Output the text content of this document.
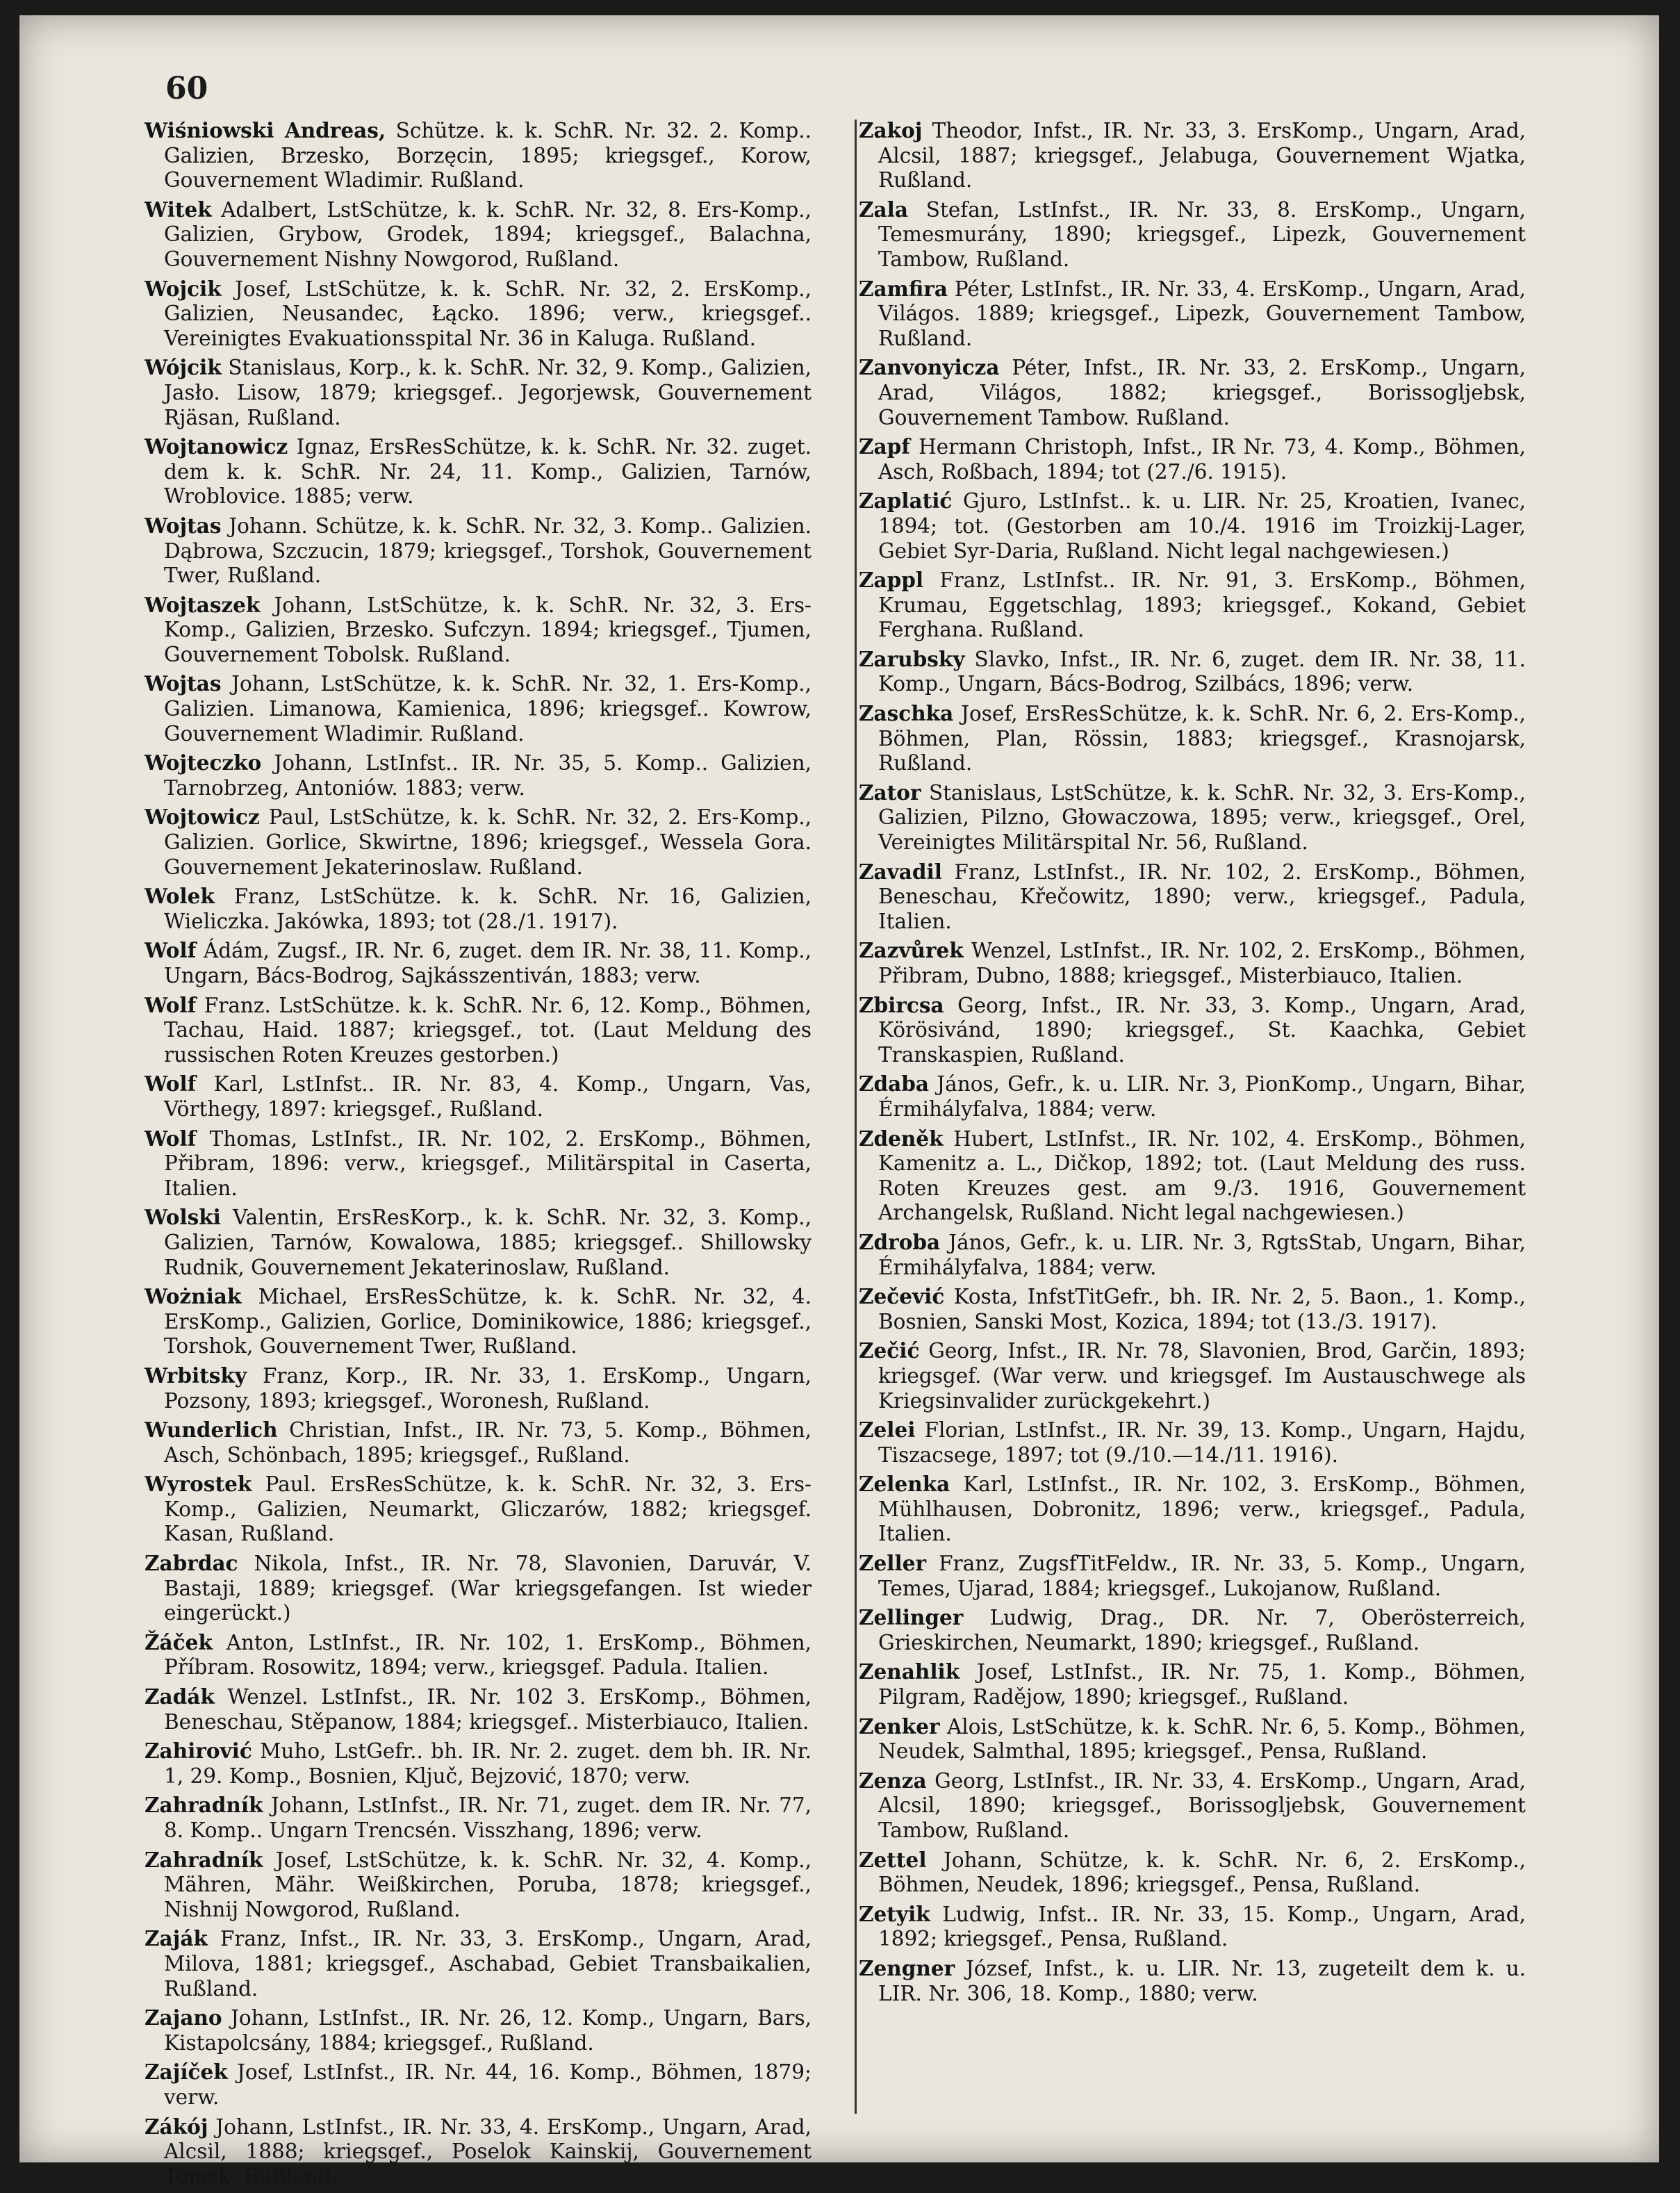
60

Wiśniowski Andreas, Schütze. k. k. SchR. Nr. 32. 2. Komp.. Galizien, Brzesko, Borzęcin, 1895; kriegsgef., Korow, Gouvernement Wladimir. Rußland.

Witek Adalbert, LstSchütze, k. k. SchR. Nr. 32, 8. Ers-Komp., Galizien, Grybow, Grodek, 1894; kriegsgef., Balachna, Gouvernement Nishny Nowgorod, Rußland.

Wojcik Josef, LstSchütze, k. k. SchR. Nr. 32, 2. ErsKomp., Galizien, Neusandec, Łącko. 1896; verw., kriegsgef.. Vereinigtes Evakuationsspital Nr. 36 in Kaluga. Rußland.

Wójcik Stanislaus, Korp., k. k. SchR. Nr. 32, 9. Komp., Galizien, Jasło. Lisow, 1879; kriegsgef.. Jegorjewsk, Gouvernement Rjäsan, Rußland.

Wojtanowicz Ignaz, ErsResSchütze, k. k. SchR. Nr. 32. zuget. dem k. k. SchR. Nr. 24, 11. Komp., Galizien, Tarnów, Wroblovice. 1885; verw.

Wojtas Johann. Schütze, k. k. SchR. Nr. 32, 3. Komp.. Galizien. Dąbrowa, Szczucin, 1879; kriegsgef., Torshok, Gouvernement Twer, Rußland.

Wojtaszek Johann, LstSchütze, k. k. SchR. Nr. 32, 3. Ers-Komp., Galizien, Brzesko. Sufczyn. 1894; kriegsgef., Tjumen, Gouvernement Tobolsk. Rußland.

Wojtas Johann, LstSchütze, k. k. SchR. Nr. 32, 1. Ers-Komp., Galizien. Limanowa, Kamienica, 1896; kriegsgef.. Kowrow, Gouvernement Wladimir. Rußland.

Wojteczko Johann, LstInfst.. IR. Nr. 35, 5. Komp.. Galizien, Tarnobrzeg, Antoniów. 1883; verw.

Wojtowicz Paul, LstSchütze, k. k. SchR. Nr. 32, 2. Ers-Komp., Galizien. Gorlice, Skwirtne, 1896; kriegsgef., Wessela Gora. Gouvernement Jekaterinoslaw. Rußland.

Wolek Franz, LstSchütze. k. k. SchR. Nr. 16, Galizien, Wieliczka. Jakówka, 1893; tot (28./1. 1917).

Wolf Ádám, Zugsf., IR. Nr. 6, zuget. dem IR. Nr. 38, 11. Komp., Ungarn, Bács-Bodrog, Sajkásszentiván, 1883; verw.

Wolf Franz. LstSchütze. k. k. SchR. Nr. 6, 12. Komp., Böhmen, Tachau, Haid. 1887; kriegsgef., tot. (Laut Meldung des russischen Roten Kreuzes gestorben.)

Wolf Karl, LstInfst.. IR. Nr. 83, 4. Komp., Ungarn, Vas, Vörthegy, 1897: kriegsgef., Rußland.

Wolf Thomas, LstInfst., IR. Nr. 102, 2. ErsKomp., Böhmen, Přibram, 1896: verw., kriegsgef., Militärspital in Caserta, Italien.

Wolski Valentin, ErsResKorp., k. k. SchR. Nr. 32, 3. Komp., Galizien, Tarnów, Kowalowa, 1885; kriegsgef.. Shillowsky Rudnik, Gouvernement Jekaterinoslaw, Rußland.

Wożniak Michael, ErsResSchütze, k. k. SchR. Nr. 32, 4. ErsKomp., Galizien, Gorlice, Dominikowice, 1886; kriegsgef., Torshok, Gouvernement Twer, Rußland.

Wrbitsky Franz, Korp., IR. Nr. 33, 1. ErsKomp., Ungarn, Pozsony, 1893; kriegsgef., Woronesh, Rußland.

Wunderlich Christian, Infst., IR. Nr. 73, 5. Komp., Böhmen, Asch, Schönbach, 1895; kriegsgef., Rußland.

Wyrostek Paul. ErsResSchütze, k. k. SchR. Nr. 32, 3. Ers-Komp., Galizien, Neumarkt, Gliczarów, 1882; kriegsgef. Kasan, Rußland.

Zabrdac Nikola, Infst., IR. Nr. 78, Slavonien, Daruvár, V. Bastaji, 1889; kriegsgef. (War kriegsgefangen. Ist wieder eingerückt.)

Žáček Anton, LstInfst., IR. Nr. 102, 1. ErsKomp., Böhmen, Příbram. Rosowitz, 1894; verw., kriegsgef. Padula. Italien.

Zadák Wenzel. LstInfst., IR. Nr. 102 3. ErsKomp., Böhmen, Beneschau, Stěpanow, 1884; kriegsgef.. Misterbiauco, Italien.

Zahirović Muho, LstGefr.. bh. IR. Nr. 2. zuget. dem bh. IR. Nr. 1, 29. Komp., Bosnien, Ključ, Bejzović, 1870; verw.

Zahradník Johann, LstInfst., IR. Nr. 71, zuget. dem IR. Nr. 77, 8. Komp.. Ungarn Trencsén. Visszhang, 1896; verw.

Zahradník Josef, LstSchütze, k. k. SchR. Nr. 32, 4. Komp., Mähren, Mähr. Weißkirchen, Poruba, 1878; kriegsgef., Nishnij Nowgorod, Rußland.

Zaják Franz, Infst., IR. Nr. 33, 3. ErsKomp., Ungarn, Arad, Milova, 1881; kriegsgef., Aschabad, Gebiet Transbaikalien, Rußland.

Zajano Johann, LstInfst., IR. Nr. 26, 12. Komp., Ungarn, Bars, Kistapolcsány, 1884; kriegsgef., Rußland.

Zajíček Josef, LstInfst., IR. Nr. 44, 16. Komp., Böhmen, 1879; verw.

Zákój Johann, LstInfst., IR. Nr. 33, 4. ErsKomp., Ungarn, Arad, Alcsil, 1888; kriegsgef., Poselok Kainskij, Gouvernement Tomsk, Rußland.

Zakoj Theodor, Infst., IR. Nr. 33, 3. ErsKomp., Ungarn, Arad, Alcsil, 1887; kriegsgef., Jelabuga, Gouvernement Wjatka, Rußland.

Zala Stefan, LstInfst., IR. Nr. 33, 8. ErsKomp., Ungarn, Temesmurány, 1890; kriegsgef., Lipezk, Gouvernement Tambow, Rußland.

Zamfira Péter, LstInfst., IR. Nr. 33, 4. ErsKomp., Ungarn, Arad, Világos. 1889; kriegsgef., Lipezk, Gouvernement Tambow, Rußland.

Zanvonyicza Péter, Infst., IR. Nr. 33, 2. ErsKomp., Ungarn, Arad, Világos, 1882; kriegsgef., Borissogljebsk, Gouvernement Tambow. Rußland.

Zapf Hermann Christoph, Infst., IR Nr. 73, 4. Komp., Böhmen, Asch, Roßbach, 1894; tot (27./6. 1915).

Zaplatić Gjuro, LstInfst.. k. u. LIR. Nr. 25, Kroatien, Ivanec, 1894; tot. (Gestorben am 10./4. 1916 im Troizkij-Lager, Gebiet Syr-Daria, Rußland. Nicht legal nachgewiesen.)

Zappl Franz, LstInfst.. IR. Nr. 91, 3. ErsKomp., Böhmen, Krumau, Eggetschlag, 1893; kriegsgef., Kokand, Gebiet Ferghana. Rußland.

Zarubsky Slavko, Infst., IR. Nr. 6, zuget. dem IR. Nr. 38, 11. Komp., Ungarn, Bács-Bodrog, Szilbács, 1896; verw.

Zaschka Josef, ErsResSchütze, k. k. SchR. Nr. 6, 2. Ers-Komp., Böhmen, Plan, Rössin, 1883; kriegsgef., Krasnojarsk, Rußland.

Zator Stanislaus, LstSchütze, k. k. SchR. Nr. 32, 3. Ers-Komp., Galizien, Pilzno, Głowaczowa, 1895; verw., kriegsgef., Orel, Vereinigtes Militärspital Nr. 56, Rußland.

Zavadil Franz, LstInfst., IR. Nr. 102, 2. ErsKomp., Böhmen, Beneschau, Křečowitz, 1890; verw., kriegsgef., Padula, Italien.

Zazvůrek Wenzel, LstInfst., IR. Nr. 102, 2. ErsKomp., Böhmen, Přibram, Dubno, 1888; kriegsgef., Misterbiauco, Italien.

Zbircsa Georg, Infst., IR. Nr. 33, 3. Komp., Ungarn, Arad, Körösivánd, 1890; kriegsgef., St. Kaachka, Gebiet Transkaspien, Rußland.

Zdaba János, Gefr., k. u. LIR. Nr. 3, PionKomp., Ungarn, Bihar, Érmihályfalva, 1884; verw.

Zdeněk Hubert, LstInfst., IR. Nr. 102, 4. ErsKomp., Böhmen, Kamenitz a. L., Dičkop, 1892; tot. (Laut Meldung des russ. Roten Kreuzes gest. am 9./3. 1916, Gouvernement Archangelsk, Rußland. Nicht legal nachgewiesen.)

Zdroba János, Gefr., k. u. LIR. Nr. 3, RgtsStab, Ungarn, Bihar, Érmihályfalva, 1884; verw.

Zečević Kosta, InfstTitGefr., bh. IR. Nr. 2, 5. Baon., 1. Komp., Bosnien, Sanski Most, Kozica, 1894; tot (13./3. 1917).

Zečić Georg, Infst., IR. Nr. 78, Slavonien, Brod, Garčin, 1893; kriegsgef. (War verw. und kriegsgef. Im Austauschwege als Kriegsinvalider zurückgekehrt.)

Zelei Florian, LstInfst., IR. Nr. 39, 13. Komp., Ungarn, Hajdu, Tiszacsege, 1897; tot (9./10.—14./11. 1916).

Zelenka Karl, LstInfst., IR. Nr. 102, 3. ErsKomp., Böhmen, Mühlhausen, Dobronitz, 1896; verw., kriegsgef., Padula, Italien.

Zeller Franz, ZugsfTitFeldw., IR. Nr. 33, 5. Komp., Ungarn, Temes, Ujarad, 1884; kriegsgef., Lukojanow, Rußland.

Zellinger Ludwig, Drag., DR. Nr. 7, Oberösterreich, Grieskirchen, Neumarkt, 1890; kriegsgef., Rußland.

Zenahlik Josef, LstInfst., IR. Nr. 75, 1. Komp., Böhmen, Pilgram, Radějow, 1890; kriegsgef., Rußland.

Zenker Alois, LstSchütze, k. k. SchR. Nr. 6, 5. Komp., Böhmen, Neudek, Salmthal, 1895; kriegsgef., Pensa, Rußland.

Zenza Georg, LstInfst., IR. Nr. 33, 4. ErsKomp., Ungarn, Arad, Alcsil, 1890; kriegsgef., Borissogljebsk, Gouvernement Tambow, Rußland.

Zettel Johann, Schütze, k. k. SchR. Nr. 6, 2. ErsKomp., Böhmen, Neudek, 1896; kriegsgef., Pensa, Rußland.

Zetyik Ludwig, Infst.. IR. Nr. 33, 15. Komp., Ungarn, Arad, 1892; kriegsgef., Pensa, Rußland.

Zengner József, Infst., k. u. LIR. Nr. 13, zugeteilt dem k. u. LIR. Nr. 306, 18. Komp., 1880; verw.
